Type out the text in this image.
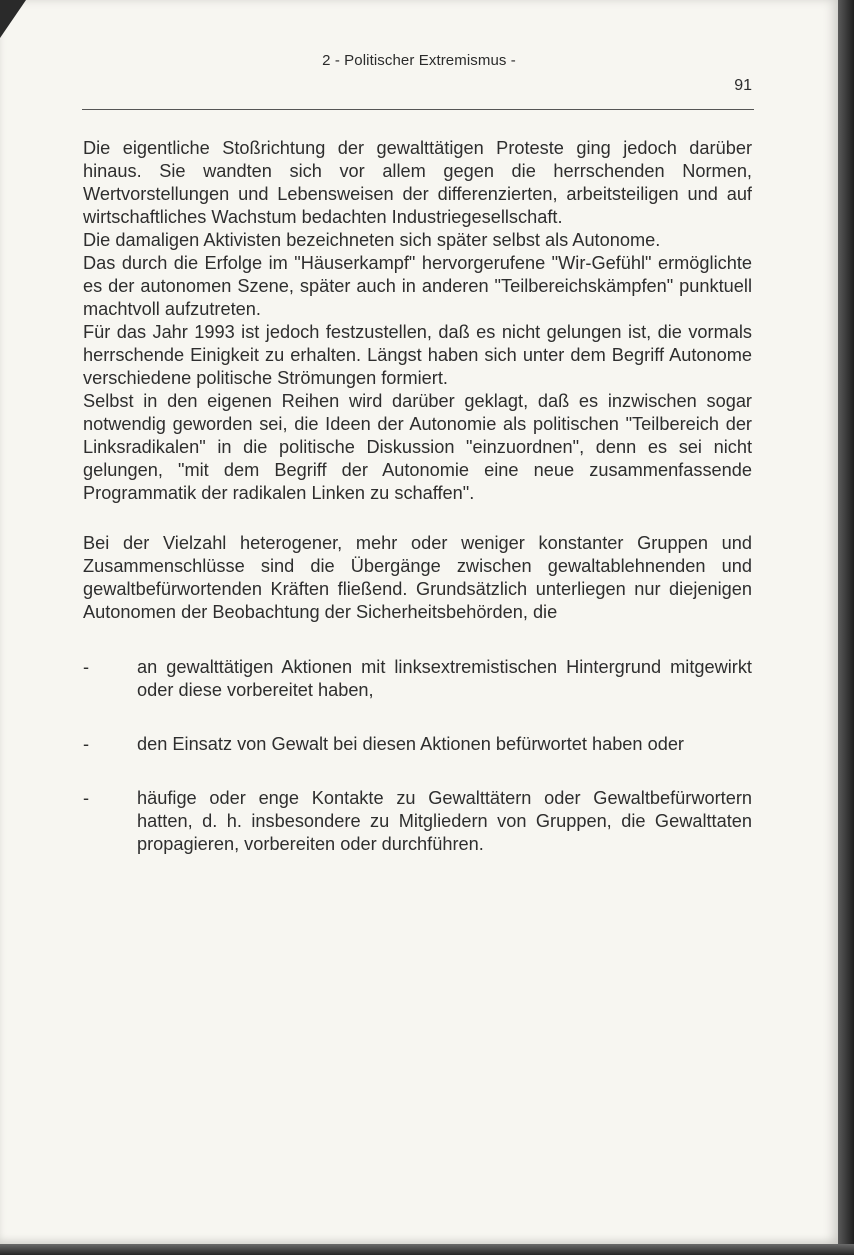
2 - Politischer Extremismus -
91

Die eigentliche Stoßrichtung der gewalttätigen Proteste ging jedoch darüber hinaus. Sie wandten sich vor allem gegen die herrschenden Normen, Wertvorstellungen und Lebensweisen der differenzierten, arbeitsteiligen und auf wirtschaftliches Wachstum bedachten Industriegesellschaft.

Die damaligen Aktivisten bezeichneten sich später selbst als Autonome.

Das durch die Erfolge im "Häuserkampf" hervorgerufene "Wir-Gefühl" ermöglichte es der autonomen Szene, später auch in anderen "Teilbereichskämpfen" punktuell machtvoll aufzutreten.

Für das Jahr 1993 ist jedoch festzustellen, daß es nicht gelungen ist, die vormals herrschende Einigkeit zu erhalten. Längst haben sich unter dem Begriff Autonome verschiedene politische Strömungen formiert.

Selbst in den eigenen Reihen wird darüber geklagt, daß es inzwischen sogar notwendig geworden sei, die Ideen der Autonomie als politischen "Teilbereich der Linksradikalen" in die politische Diskussion "einzuordnen", denn es sei nicht gelungen, "mit dem Begriff der Autonomie eine neue zusammenfassende Programmatik der radikalen Linken zu schaffen".

Bei der Vielzahl heterogener, mehr oder weniger konstanter Gruppen und Zusammenschlüsse sind die Übergänge zwischen gewaltablehnenden und gewaltbefürwortenden Kräften fließend. Grundsätzlich unterliegen nur diejenigen Autonomen der Beobachtung der Sicherheitsbehörden, die

-	an gewalttätigen Aktionen mit linksextremistischen Hintergrund mitgewirkt oder diese vorbereitet haben,
-	den Einsatz von Gewalt bei diesen Aktionen befürwortet haben oder
-	häufige oder enge Kontakte zu Gewalttätern oder Gewaltbefürwortern hatten, d. h. insbesondere zu Mitgliedern von Gruppen, die Gewalttaten propagieren, vorbereiten oder durchführen.
